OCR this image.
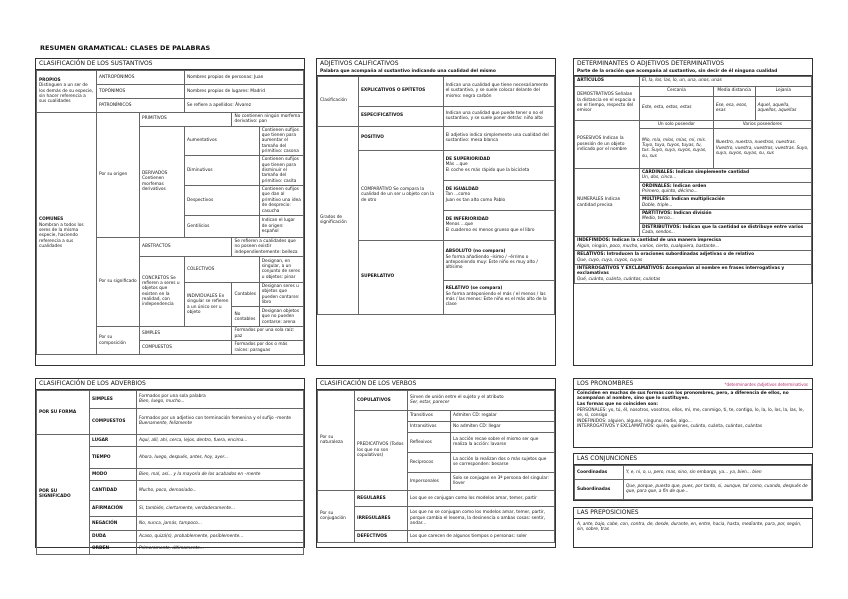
RESUMEN GRAMATICAL: CLASES DE PALABRAS
CLASIFICACIÓN DE LOS SUSTANTIVOS
PROPIOS
Distinguen a un ser de los demás de su especie, sin hacer referencia a sus cualidades	ANTROPÓNIMOS		Nombres propios de personas: Juan		
	TOPÓNIMOS		Nombres propios de lugares: Madrid		
	PATRONÍMICOS		Se refiere a apellidos: Álvarez		
COMUNES
Nombran a todos los seres de la misma especie, haciendo referencia a sus cualidades	Por su origen	PRIMITIVOS		No contienen ningún morfema derivativo: pan	
		DERIVADOS Contienen morfemas derivativos	Aumentativos		Contienen sufijos que tienen para aumentar el tamaño del primitivo: casona
			Diminutivos		Contienen sufijos que tienen para disminuir el tamaño del primitivo: casita
			Despectivos		Contienen sufijos que dan al primitivo una idea de desprecio: casucha
			Gentilicios		Indican el lugar de origen: español
	Por su significado	ABSTRACTOS		Se refieren a cualidades que no poseen existir independientemente: belleza	
		CONCRETOS Se refieren a seres u objetos que existen en la realidad, con independencia	COLECTIVOS		Designan, en singular, a un conjunto de seres u objetos: pinar
			INDIVIDUALES En singular se refieren a un único ser u objeto	Contables	Designan seres u objetos que pueden contarse: libro
				No contables	Designan objetos que no pueden contarse: arena
	Por su composición	SIMPLES		Formados por una sola raíz: paz	
		COMPUESTOS		Formados por dos o más raíces: paraguas	
ADJETIVOS CALIFICATIVOS
Palabra que acompaña al sustantivo indicando una cualidad del mismo
Clasificación	EXPLICATIVOS O EPÍTETOS	Indican una cualidad que tiene necesariamente el sustantivo, y se suele colocar delante del mismo: negra carbón
	ESPECIFICATIVOS	Indican una cualidad que puede tener o no el sustantivo, y se suele poner detrás: niño alto
Grados de significación	POSITIVO	El adjetivo indica simplemente una cualidad del sustantivo: mesa blanca
	COMPARATIVO Se compara la cualidad de un ser u objeto con la de otro	DE SUPERIORIDAD
Más ...que
El coche es más rápido que la bicicleta
		DE IGUALDAD
Tan ...como
Juan es tan alto como Pablo
		DE INFERIORIDAD
Menos ...que
El cuaderno es menos grueso que el libro
	SUPERLATIVO	ABSOLUTO (no compara)
Se forma añadiendo –ísimo / –érrimo o anteponiendo muy: Este niño es muy alto / altísimo
		RELATIVO (se compara)
Se forma anteponiendo el más / el menos / las más / las menos: Este niño es el más alto de la clase
DETERMINANTES O ADJETIVOS DETERMINATIVOS
Parte de la oración que acompaña al sustantivo, sin decir de él ninguna cualidad
ARTÍCULOS	El, la, los, las, lo, un, una, unos, unas		
DEMOSTRATIVOS Señalan la distancia en el espacio o en el tiempo, respecto del emisor	Cercanía	Media distancia	Lejanía
	Este, esta, estos, estas	Ese, esa, esos, esas	Aquel, aquella, aquellos, aquellas
POSESIVOS Indican la posesión de un objeto indicado por el nombre	Un solo poseedor	Varios poseedores	
	Mío, mía, míos, mías, mi, mis. Tuyo, tuya, tuyos, tuyas, tu, tus. Suyo, suya, suyos, suyas, su, sus	Nuestro, nuestra, nuestros, nuestras. Vuestro, vuestra, vuestros, vuestras. Suyo, suya, suyos, suyas, su, sus	
NUMERALES Indican cantidad precisa	CARDINALES: Indican simplemente cantidad
Un, dos, cinco...		
	ORDINALES: Indican orden
Primero, quinto, décimo...		
	MÚLTIPLES: Indican multiplicación
Doble, triple...		
	PARTITIVOS: Indican división
Medio, tercio...		
	DISTRIBUTIVOS: Indican que la cantidad se distribuye entre varios
Cada, sendos...		
INDEFINIDOS: Indican la cantidad de una manera imprecisa
Algún, ningún, poco, mucho, varios, cierto, cualquiera, bastante...			
RELATIVOS: Introducen la oraciones subordinadas adjetivas o de relativo
Que, cuyo, cuya, cuyos, cuyas			
INTERROGATIVOS Y EXCLAMATIVOS: Acompañan al nombre en frases interrogativas y exclamativas
Qué, cuánto, cuánta, cuántos, cuántas			
CLASIFICACIÓN DE LOS ADVERBIOS
POR SU FORMA	SIMPLES	Formados por una sola palabra
Bien, luego, mucho...
	COMPUESTOS	Formados por un adjetivo con terminación femenina y el sufijo –mente
Buenamente, felizmente
POR SU SIGNIFICADO	LUGAR	Aquí, allí, ahí, cerca, lejos, dentro, fuera, encima...
	TIEMPO	Ahora, luego, después, antes, hoy, ayer...
	MODO	Bien, mal, así... y la mayoría de los acabados en –mente
	CANTIDAD	Mucho, poco, demasiado...
	AFIRMACIÓN	Sí, también, ciertamente, verdaderamente...
	NEGACIÓN	No, nunca, jamás, tampoco...
	DUDA	Acaso, quizá(s), probablemente, posiblemente...
	ORDEN	Primeramente, últimamente...
CLASIFICACIÓN DE LOS VERBOS
Por su naturaleza	COPULATIVOS	Sirven de unión entre el sujeto y el atributo
Ser, estar, parecer	
	PREDICATIVOS (Todos los que no son copulativos)	Transitivos	Admiten CD: regalar
		Intransitivos	No admiten CD: llegar
		Reflexivos	La acción recae sobre el mismo ser que realiza la acción: lavarse
		Recíprocos	La acción la realizan dos o más sujetos que se corresponden: besarse
		Impersonales	Solo se conjugan en 3ª persona del singular: llover

Por su conjugación	REGULARES	Los que se conjugan como los modelos amar, temer, partir	
	IRREGULARES	Los que no se conjugan como los modelos amar, temer, partir, porque cambia el lexema, la desinencia o ambas cosas: sentir, andar...	
	DEFECTIVOS	Los que carecen de algunos tiempos o personas: soler	
LOS PRONOMBRES	*determinantes /adjetivos determinativos
Coinciden en muchas de sus formas con los pronombres, pero, a diferencia de ellos, no acompañan al nombre, sino que lo sustituyen.
Las formas que no coinciden son:
PERSONALES: yo, tú, él, nosotros, vosotros, ellos, mí, me, conmigo, ti, te, contigo, lo, la, lo, los, la, las, le, se, sí, consigo
INDEFINIDOS: alguien, alguno, ninguno, nadie, algo...
INTERROGATIVOS Y EXCLAMATIVOS: quién, quiénes, cuánto, cuánta, cuántos, cuántas
LAS CONJUNCIONES
Coordinadas	Y, e, ni, o, u, pero, mas, sino, sin embargo, ya... ya, bien... bien
Subordinadas	Que, porque, puesto que, pues, por tanto, si, aunque, tal como, cuando, después de que, para que, a fin de que...
LAS PREPOSICIONES
A, ante, bajo, cabe, con, contra, de, desde, durante, en, entre, hacia, hasta, mediante, para, por, según, sin, sobre, tras
